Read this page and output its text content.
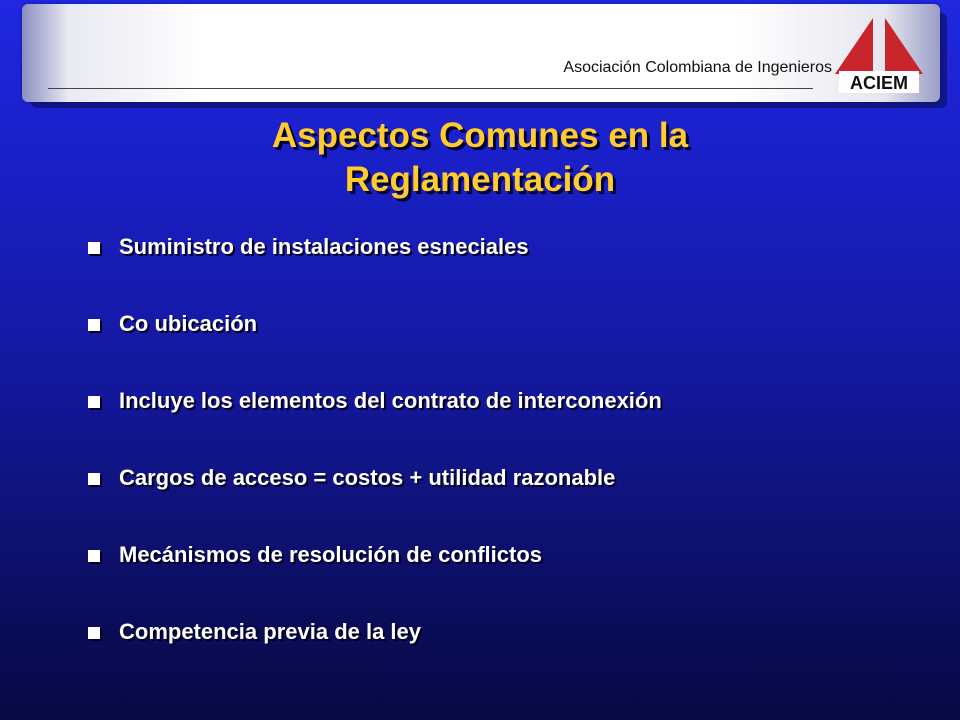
Asociación Colombiana de Ingenieros
ACIEM
Aspectos Comunes en la
Reglamentación
Suministro de instalaciones esneciales
Co ubicación
Incluye los elementos del contrato de interconexión
Cargos de acceso = costos + utilidad razonable
Mecánismos de resolución de conflictos
Competencia previa de la ley
